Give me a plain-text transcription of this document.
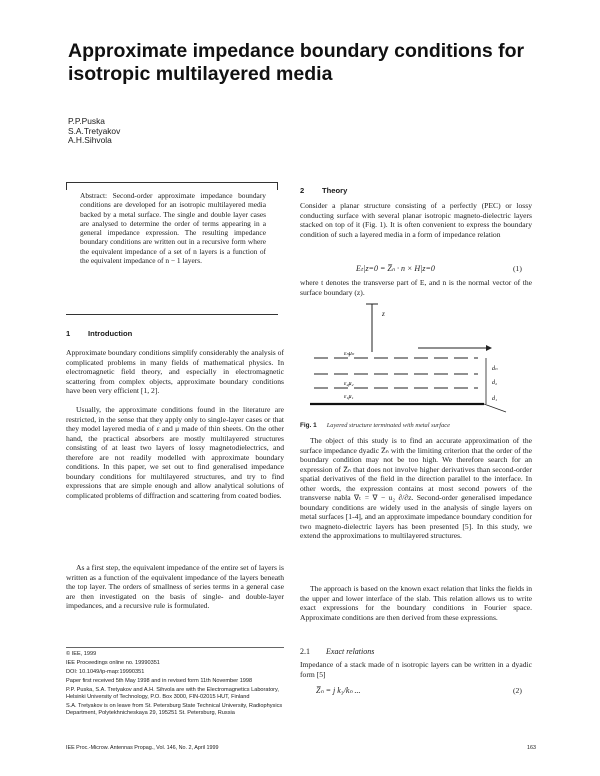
Approximate impedance boundary conditions for isotropic multilayered media
P.P.Puska
S.A.Tretyakov
A.H.Sihvola
Abstract: Second-order approximate impedance boundary conditions are developed for an isotropic multilayered media backed by a metal surface. The single and double layer cases are analysed to determine the order of terms appearing in a general impedance expression. The resulting impedance boundary conditions are written out in a recursive form where the equivalent impedance of a set of n layers is a function of the equivalent impedance of n − 1 layers.
1 Introduction
Approximate boundary conditions simplify considerably the analysis of complicated problems in many fields of mathematical physics. In electromagnetic field theory, and especially in electromagnetic scattering from complex objects, approximate boundary conditions have been very efficient [1, 2].
Usually, the approximate conditions found in the literature are restricted, in the sense that they apply only to single-layer cases or that they model layered media of ε and μ made of thin sheets. On the other hand, the practical absorbers are mostly multilayered structures consisting of at least two layers of lossy magnetodielectrics, and therefore are not readily modelled with approximate boundary conditions. In this paper, we set out to find generalised impedance boundary conditions for multilayered structures, and try to find expressions that are simple enough and allow analytical solutions of complicated problems of diffraction and scattering from coated bodies.
As a first step, the equivalent impedance of the entire set of layers is written as a function of the equivalent impedance of the layers beneath the top layer. The orders of smallness of series terms in a general case are then investigated on the basis of single- and double-layer impedances, and a recursive rule is formulated.
© IEE, 1999
IEE Proceedings online no. 19990351
DOI: 10.1049/ip-map:19990351
Paper first received 5th May 1998 and in revised form 11th November 1998
P.P. Puska, S.A. Tretyakov and A.H. Sihvola are with the Electromagnetics Laboratory, Helsinki University of Technology, P.O. Box 3000, FIN-02015 HUT, Finland
S.A. Tretyakov is on leave from St. Petersburg State Technical University, Radiophysics Department, Polytekhnicheskaya 29, 195251 St. Petersburg, Russia
2 Theory
Consider a planar structure consisting of a perfectly (PEC) or lossy conducting surface with several planar isotropic magneto-dielectric layers stacked on top of it (Fig. 1). It is often convenient to express the boundary condition of such a layered media in a form of impedance relation
Eₜ|z=0 = Z̅ₙ · n × H|z=0	(1)
where t denotes the transverse part of E, and n is the normal vector of the surface boundary (z).
z
εₙμₙ
dₙ
ε₂μ₂	d₂
ε₁μ₁	d₁
Fig. 1 Layered structure terminated with metal surface
The object of this study is to find an accurate approximation of the surface impedance dyadic Z̅ₙ with the limiting criterion that the order of the boundary condition may not be too high. We therefore search for an expression of Z̅ₙ that does not involve higher derivatives than second-order spatial derivatives of the field in the direction parallel to the interface. In other words, the expression contains at most second powers of the transverse nabla ∇ₜ = ∇ − u₂ ∂/∂z. Second-order generalised impedance boundary conditions are widely used in the analysis of single layers on metal surfaces [1-4], and an approximate impedance boundary condition for two magneto-dielectric layers has been presented [5]. In this study, we extend the approximations to multilayered structures.
The approach is based on the known exact relation that links the fields in the upper and lower interface of the slab. This relation allows us to write exact expressions for the boundary conditions in Fourier space. Approximate conditions are then derived from these expressions.
2.1 Exact relations
Impedance of a stack made of n isotropic layers can be written in a dyadic form [5]
Z̅ₙ = j k₃/kₙ ...	(2)
IEE Proc.-Microw. Antennas Propag., Vol. 146, No. 2, April 1999	163
